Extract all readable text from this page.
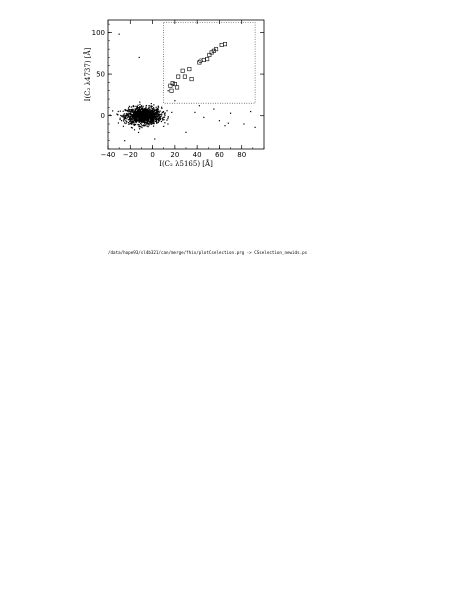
−40 −20 0 20 40 60 80
0
50
100
I(C₂ λ5165) [Å]
I(C₂ λ4737) [Å]
/data/hope93/sl4b321/can/merge/fhix/plotCselection.prg -> CSselection_newids.ps
